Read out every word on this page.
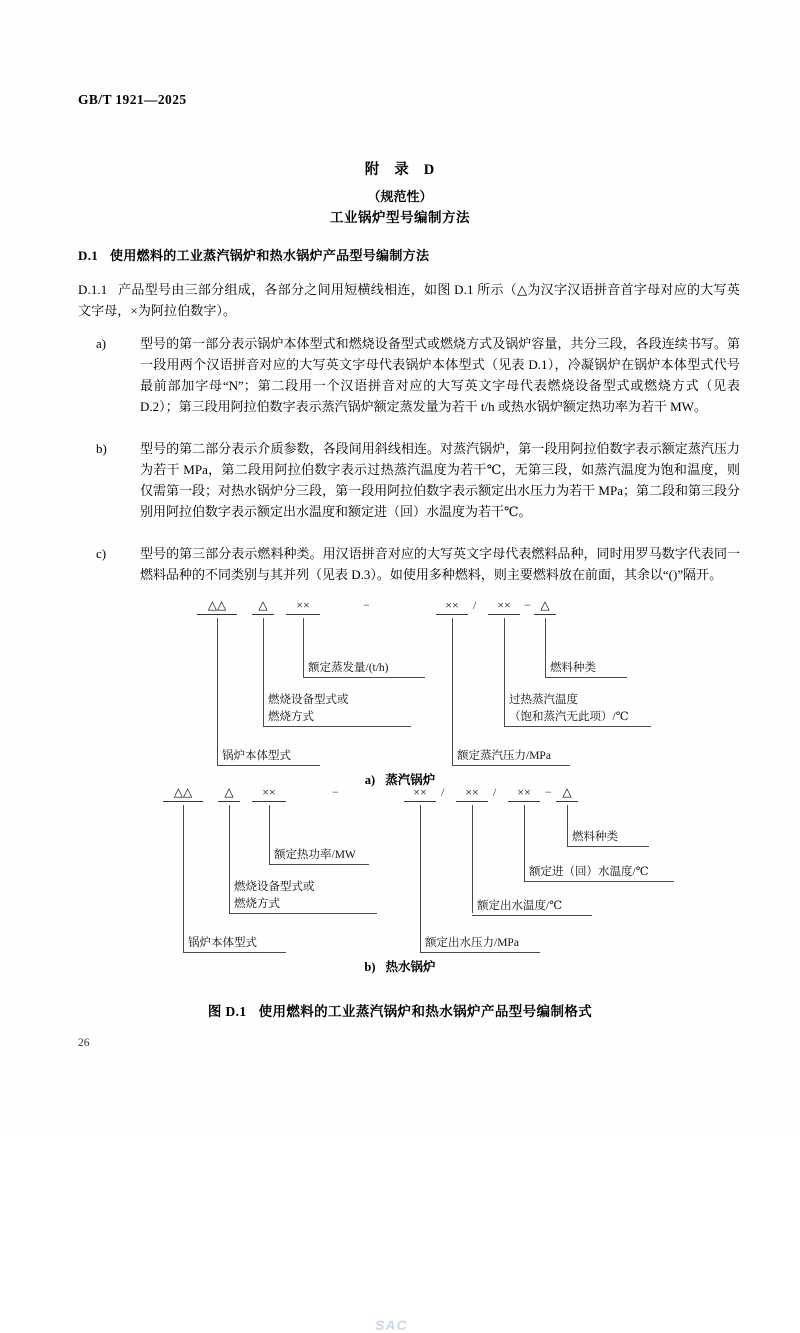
GB/T 1921—2025
附 录 D
（规范性）
工业锅炉型号编制方法
D.1 使用燃料的工业蒸汽锅炉和热水锅炉产品型号编制方法
D.1.1 产品型号由三部分组成，各部分之间用短横线相连，如图 D.1 所示（△为汉字汉语拼音首字母对应的大写英文字母，×为阿拉伯数字）。
a)	型号的第一部分表示锅炉本体型式和燃烧设备型式或燃烧方式及锅炉容量，共分三段，各段连续书写。第一段用两个汉语拼音对应的大写英文字母代表锅炉本体型式（见表 D.1），冷凝锅炉在锅炉本体型式代号最前部加字母“N”；第二段用一个汉语拼音对应的大写英文字母代表燃烧设备型式或燃烧方式（见表 D.2）；第三段用阿拉伯数字表示蒸汽锅炉额定蒸发量为若干 t/h 或热水锅炉额定热功率为若干 MW。
b)	型号的第二部分表示介质参数，各段间用斜线相连。对蒸汽锅炉，第一段用阿拉伯数字表示额定蒸汽压力为若干 MPa，第二段用阿拉伯数字表示过热蒸汽温度为若干℃，无第三段，如蒸汽温度为饱和温度，则仅需第一段；对热水锅炉分三段，第一段用阿拉伯数字表示额定出水压力为若干 MPa；第二段和第三段分别用阿拉伯数字表示额定出水温度和额定进（回）水温度为若干℃。
c)	型号的第三部分表示燃料种类。用汉语拼音对应的大写英文字母代表燃料品种，同时用罗马数字代表同一燃料品种的不同类别与其并列（见表 D.3）。如使用多种燃料，则主要燃料放在前面，其余以“()”隔开。
SAC
△△	△	××	−	××	/	××	− △
额定蒸发量/(t/h)
燃烧设备型式或
燃烧方式
锅炉本体型式
燃料种类
过热蒸汽温度
（饱和蒸汽无此项）/℃
额定蒸汽压力/MPa
a) 蒸汽锅炉
△△	△	××	−	××	/	××	/	××	− △
额定热功率/MW
燃烧设备型式或
燃烧方式
锅炉本体型式
燃料种类
额定进（回）水温度/℃
额定出水温度/℃
额定出水压力/MPa
b) 热水锅炉
图 D.1 使用燃料的工业蒸汽锅炉和热水锅炉产品型号编制格式
26
